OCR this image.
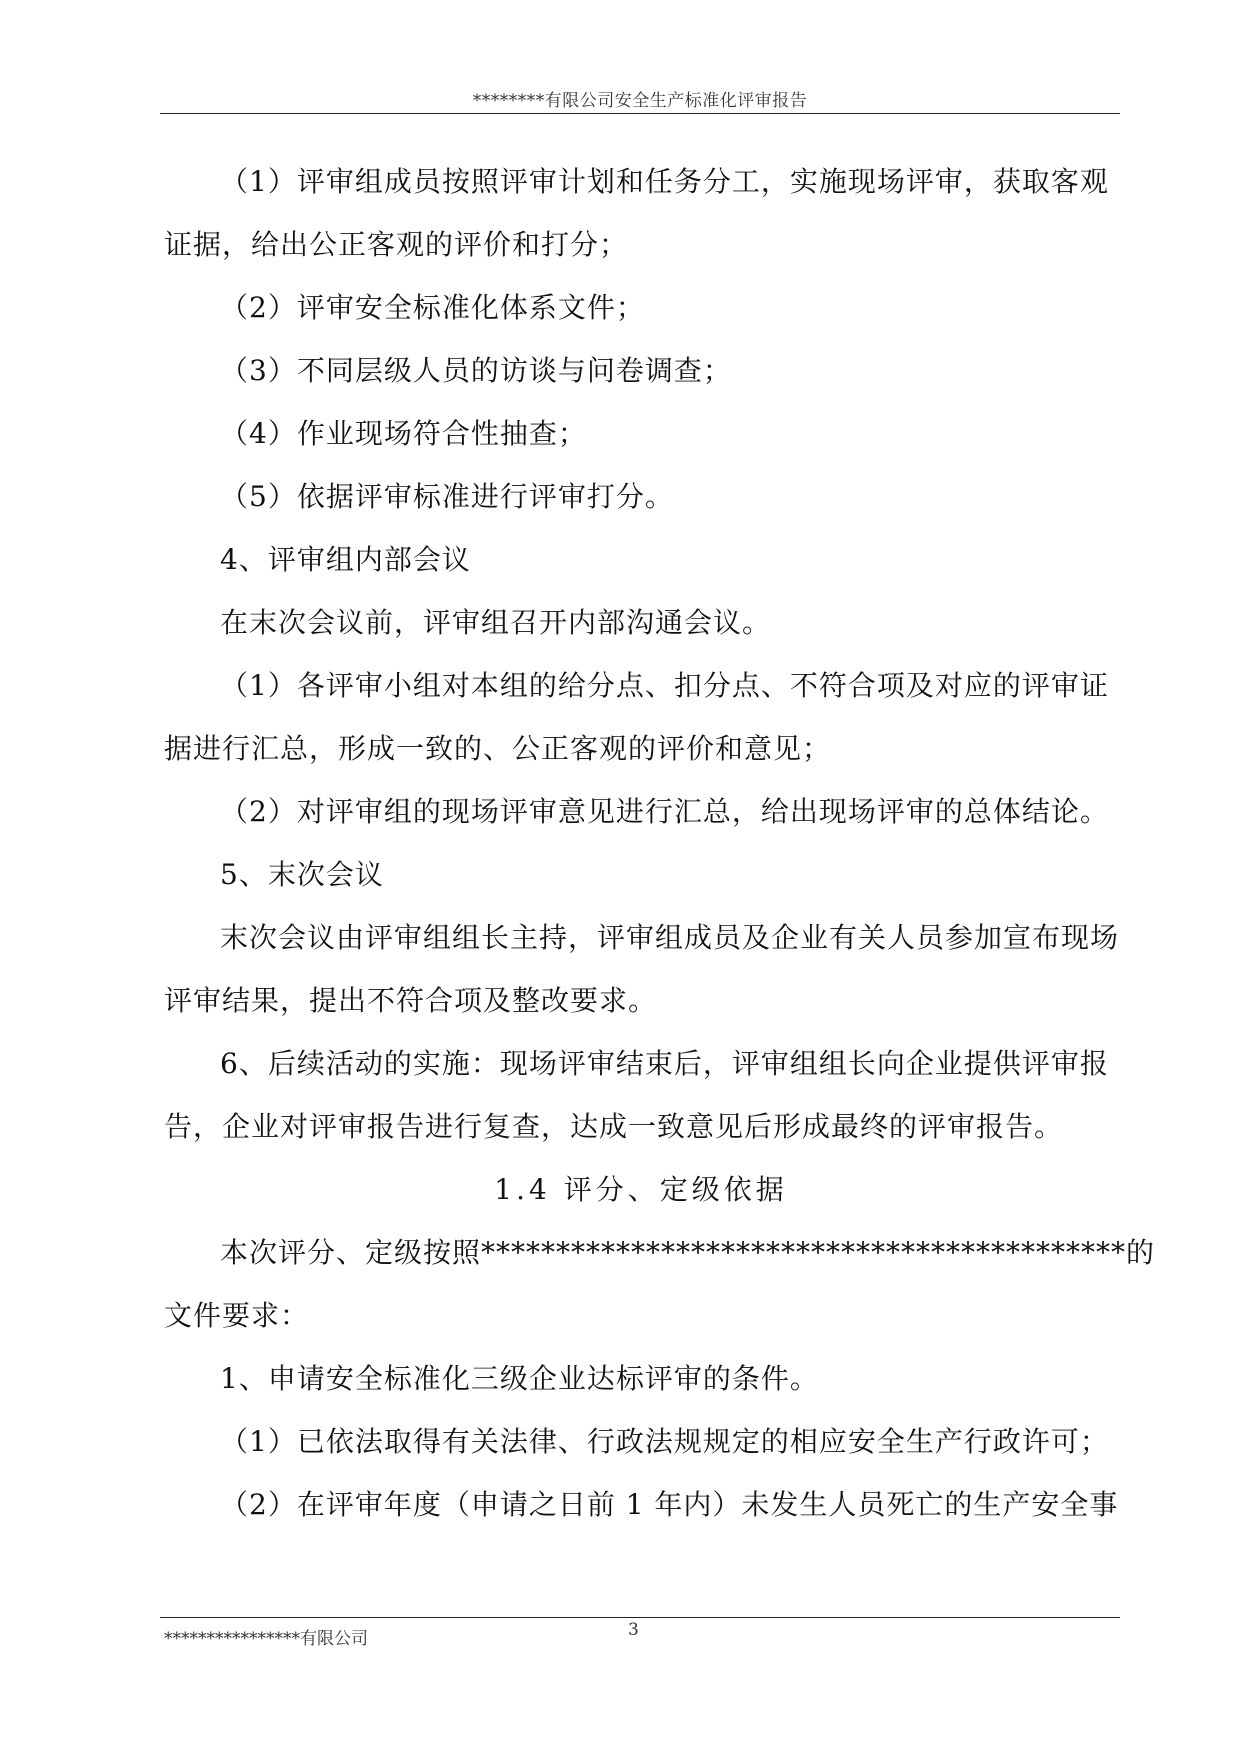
********有限公司安全生产标准化评审报告
（1）评审组成员按照评审计划和任务分工，实施现场评审，获取客观
证据，给出公正客观的评价和打分；
（2）评审安全标准化体系文件；
（3）不同层级人员的访谈与问卷调查；
（4）作业现场符合性抽查；
（5）依据评审标准进行评审打分。
4、评审组内部会议
在末次会议前，评审组召开内部沟通会议。
（1）各评审小组对本组的给分点、扣分点、不符合项及对应的评审证
据进行汇总，形成一致的、公正客观的评价和意见；
（2）对评审组的现场评审意见进行汇总，给出现场评审的总体结论。
5、末次会议
末次会议由评审组组长主持，评审组成员及企业有关人员参加宣布现场
评审结果，提出不符合项及整改要求。
6、后续活动的实施：现场评审结束后，评审组组长向企业提供评审报
告，企业对评审报告进行复查，达成一致意见后形成最终的评审报告。
1.4 评分、定级依据
本次评分、定级按照*******************************************的
文件要求：
1、申请安全标准化三级企业达标评审的条件。
（1）已依法取得有关法律、行政法规规定的相应安全生产行政许可；
（2）在评审年度（申请之日前 1 年内）未发生人员死亡的生产安全事
****************有限公司	3
